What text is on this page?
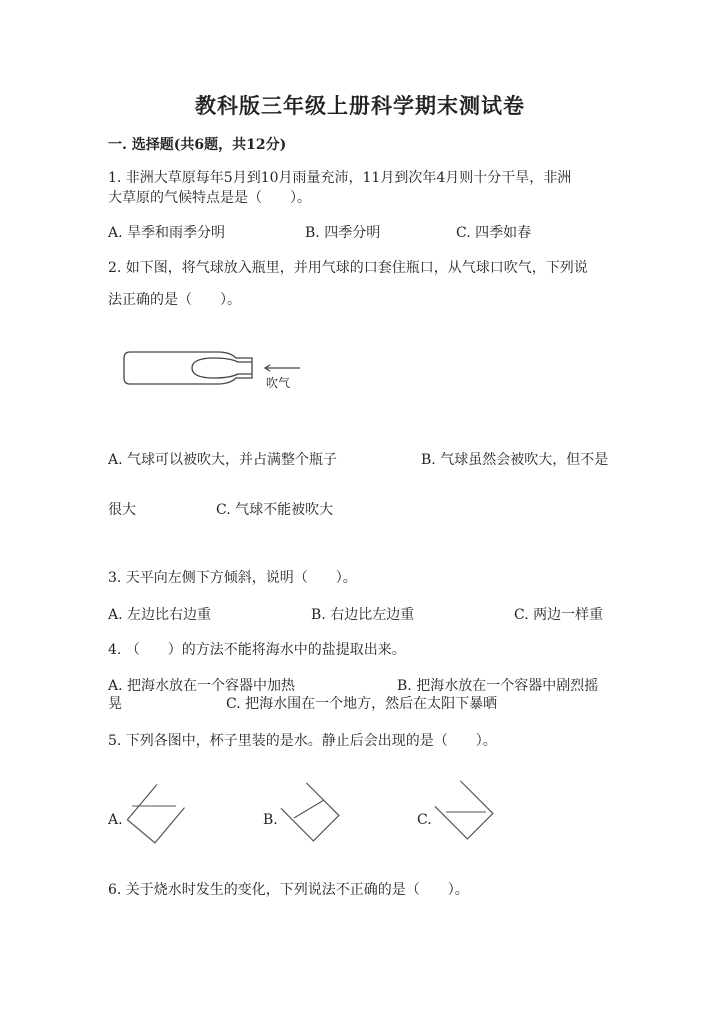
教科版三年级上册科学期末测试卷
一. 选择题(共6题，共12分)
1. 非洲大草原每年5月到10月雨量充沛，11月到次年4月则十分干旱，非洲
大草原的气候特点是是（　　）。
A. 旱季和雨季分明	B. 四季分明	C. 四季如春
2. 如下图，将气球放入瓶里，并用气球的口套住瓶口，从气球口吹气，下列说
法正确的是（　　）。
吹气
A. 气球可以被吹大，并占满整个瓶子	B. 气球虽然会被吹大，但不是
很大	C. 气球不能被吹大
3. 天平向左侧下方倾斜，说明（　　）。
A. 左边比右边重	B. 右边比左边重	C. 两边一样重
4. （　　）的方法不能将海水中的盐提取出来。
A. 把海水放在一个容器中加热	B. 把海水放在一个容器中剧烈摇
晃	C. 把海水围在一个地方，然后在太阳下暴晒
5. 下列各图中，杯子里装的是水。静止后会出现的是（　　）。
A.	B.	C.
6. 关于烧水时发生的变化，下列说法不正确的是（　　）。
